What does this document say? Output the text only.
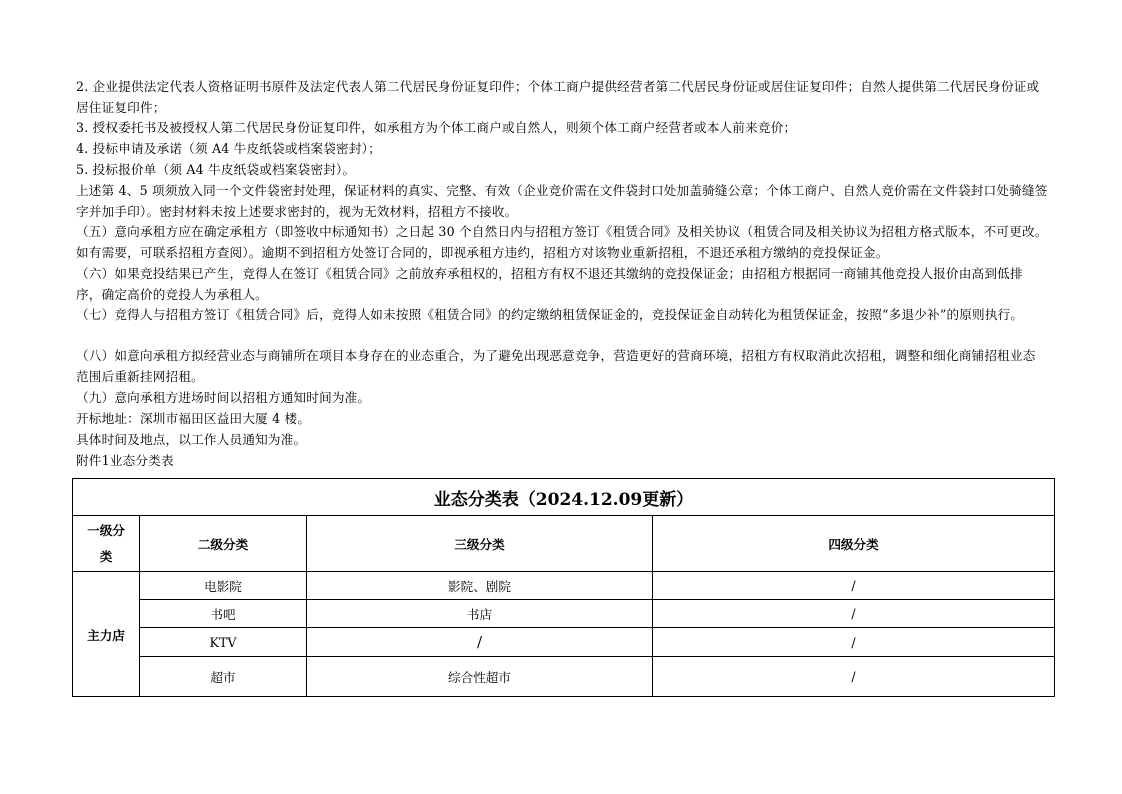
2. 企业提供法定代表人资格证明书原件及法定代表人第二代居民身份证复印件；个体工商户提供经营者第二代居民身份证或居住证复印件；自然人提供第二代居民身份证或居住证复印件；

3. 授权委托书及被授权人第二代居民身份证复印件，如承租方为个体工商户或自然人，则须个体工商户经营者或本人前来竞价；

4. 投标申请及承诺（须 A4 牛皮纸袋或档案袋密封）；

5. 投标报价单（须 A4 牛皮纸袋或档案袋密封）。

上述第 4、5 项须放入同一个文件袋密封处理，保证材料的真实、完整、有效（企业竞价需在文件袋封口处加盖骑缝公章；个体工商户、自然人竞价需在文件袋封口处骑缝签字并加手印）。密封材料未按上述要求密封的，视为无效材料，招租方不接收。

（五）意向承租方应在确定承租方（即签收中标通知书）之日起 30 个自然日内与招租方签订《租赁合同》及相关协议（租赁合同及相关协议为招租方格式版本，不可更改。如有需要，可联系招租方查阅）。逾期不到招租方处签订合同的，即视承租方违约，招租方对该物业重新招租，不退还承租方缴纳的竞投保证金。

（六）如果竞投结果已产生，竞得人在签订《租赁合同》之前放弃承租权的，招租方有权不退还其缴纳的竞投保证金；由招租方根据同一商铺其他竞投人报价由高到低排序，确定高价的竞投人为承租人。

（七）竞得人与招租方签订《租赁合同》后，竞得人如未按照《租赁合同》的约定缴纳租赁保证金的，竞投保证金自动转化为租赁保证金，按照“多退少补”的原则执行。

（八）如意向承租方拟经营业态与商铺所在项目本身存在的业态重合，为了避免出现恶意竞争，营造更好的营商环境，招租方有权取消此次招租，调整和细化商铺招租业态范围后重新挂网招租。

（九）意向承租方进场时间以招租方通知时间为准。

开标地址：深圳市福田区益田大厦 4 楼。

具体时间及地点，以工作人员通知为准。

附件1业态分类表

业态分类表（2024.12.09更新）			
一级分
类	二级分类	三级分类	四级分类
主力店	电影院	影院、剧院	/
	书吧	书店	/
	KTV	/	/
	超市	综合性超市	/
